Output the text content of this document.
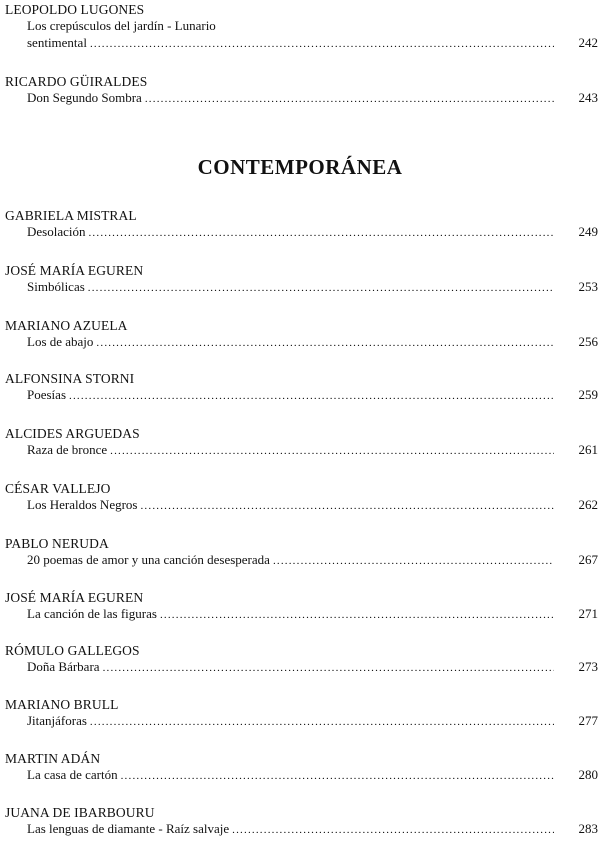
LEOPOLDO LUGONES
Los crepúsculos del jardín - Lunario
sentimental .....	242
RICARDO GÜIRALDES
Don Segundo Sombra .....	243
CONTEMPORÁNEA
GABRIELA MISTRAL
Desolación .....	249
JOSÉ MARÍA EGUREN
Simbólicas .....	253
MARIANO AZUELA
Los de abajo .....	256
ALFONSINA STORNI
Poesías .....	259
ALCIDES ARGUEDAS
Raza de bronce .....	261
CÉSAR VALLEJO
Los Heraldos Negros .....	262
PABLO NERUDA
20 poemas de amor y una canción desesperada .....	267
JOSÉ MARÍA EGUREN
La canción de las figuras .....	271
RÓMULO GALLEGOS
Doña Bárbara .....	273
MARIANO BRULL
Jitanjáforas .....	277
MARTIN ADÁN
La casa de cartón .....	280
JUANA DE IBARBOURU
Las lenguas de diamante - Raíz salvaje .....	283
